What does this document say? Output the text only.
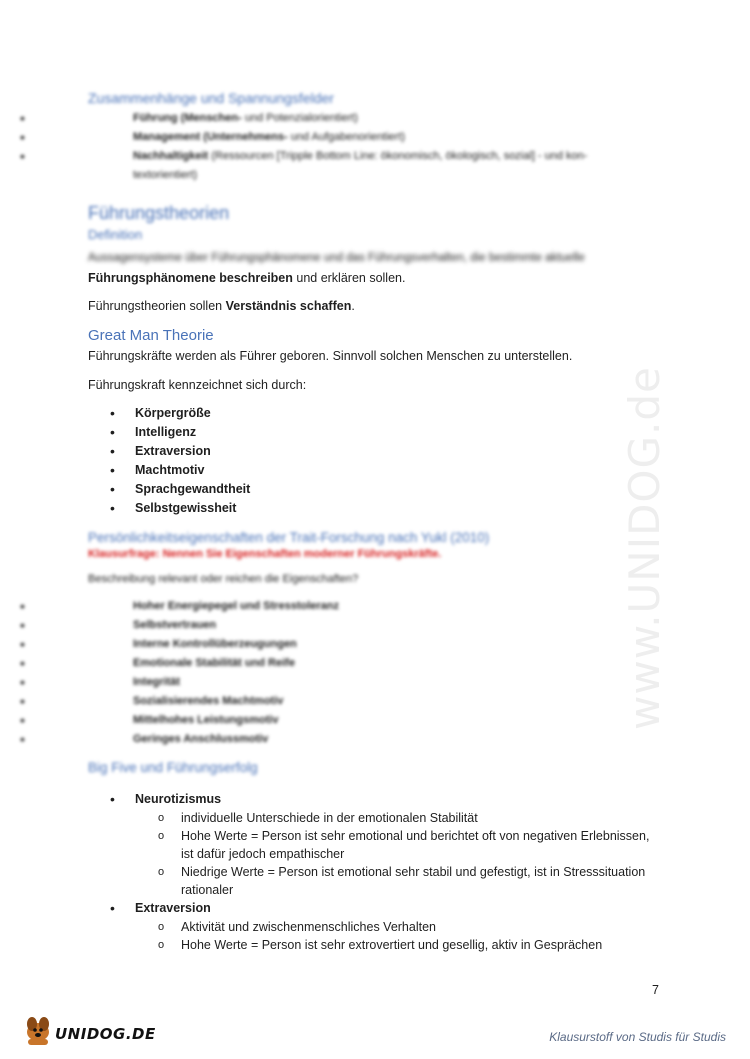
www.UNIDOG.de
Zusammenhänge und Spannungsfelder
• Führung (Menschen- und Potenzialorientiert)
• Management (Unternehmens- und Aufgabenorientiert)
• Nachhaltigkeit (Ressourcen [Tripple Bottom Line: ökonomisch, ökologisch, sozial] - und kon-
textorientiert)
Führungstheorien
Definition
Aussagensysteme über Führungsphänomene und das Führungsverhalten, die bestimmte aktuelle

Führungsphänomene beschreiben und erklären sollen.

Führungstheorien sollen Verständnis schaffen.

Great Man Theorie

Führungskräfte werden als Führer geboren. Sinnvoll solchen Menschen zu unterstellen.

Führungskraft kennzeichnet sich durch:

• Körpergröße
• Intelligenz
• Extraversion
• Machtmotiv
• Sprachgewandtheit
• Selbstgewissheit
Persönlichkeitseigenschaften der Trait-Forschung nach Yukl (2010)
Klausurfrage: Nennen Sie Eigenschaften moderner Führungskräfte.
Beschreibung relevant oder reichen die Eigenschaften?
• Hoher Energiepegel und Stresstoleranz
• Selbstvertrauen
• Interne Kontrollüberzeugungen
• Emotionale Stabilität und Reife
• Integrität
• Sozialisierendes Machtmotiv
• Mittelhohes Leistungsmotiv
• Geringes Anschlussmotiv
Big Five und Führungserfolg
• Neurotizismus
o individuelle Unterschiede in der emotionalen Stabilität
o Hohe Werte = Person ist sehr emotional und berichtet oft von negativen Erlebnissen,
ist dafür jedoch empathischer
o Niedrige Werte = Person ist emotional sehr stabil und gefestigt, ist in Stresssituation
rationaler
• Extraversion
o Aktivität und zwischenmenschliches Verhalten
o Hohe Werte = Person ist sehr extrovertiert und gesellig, aktiv in Gesprächen
7
UNIDOG.DE	Klausurstoff von Studis für Studis
